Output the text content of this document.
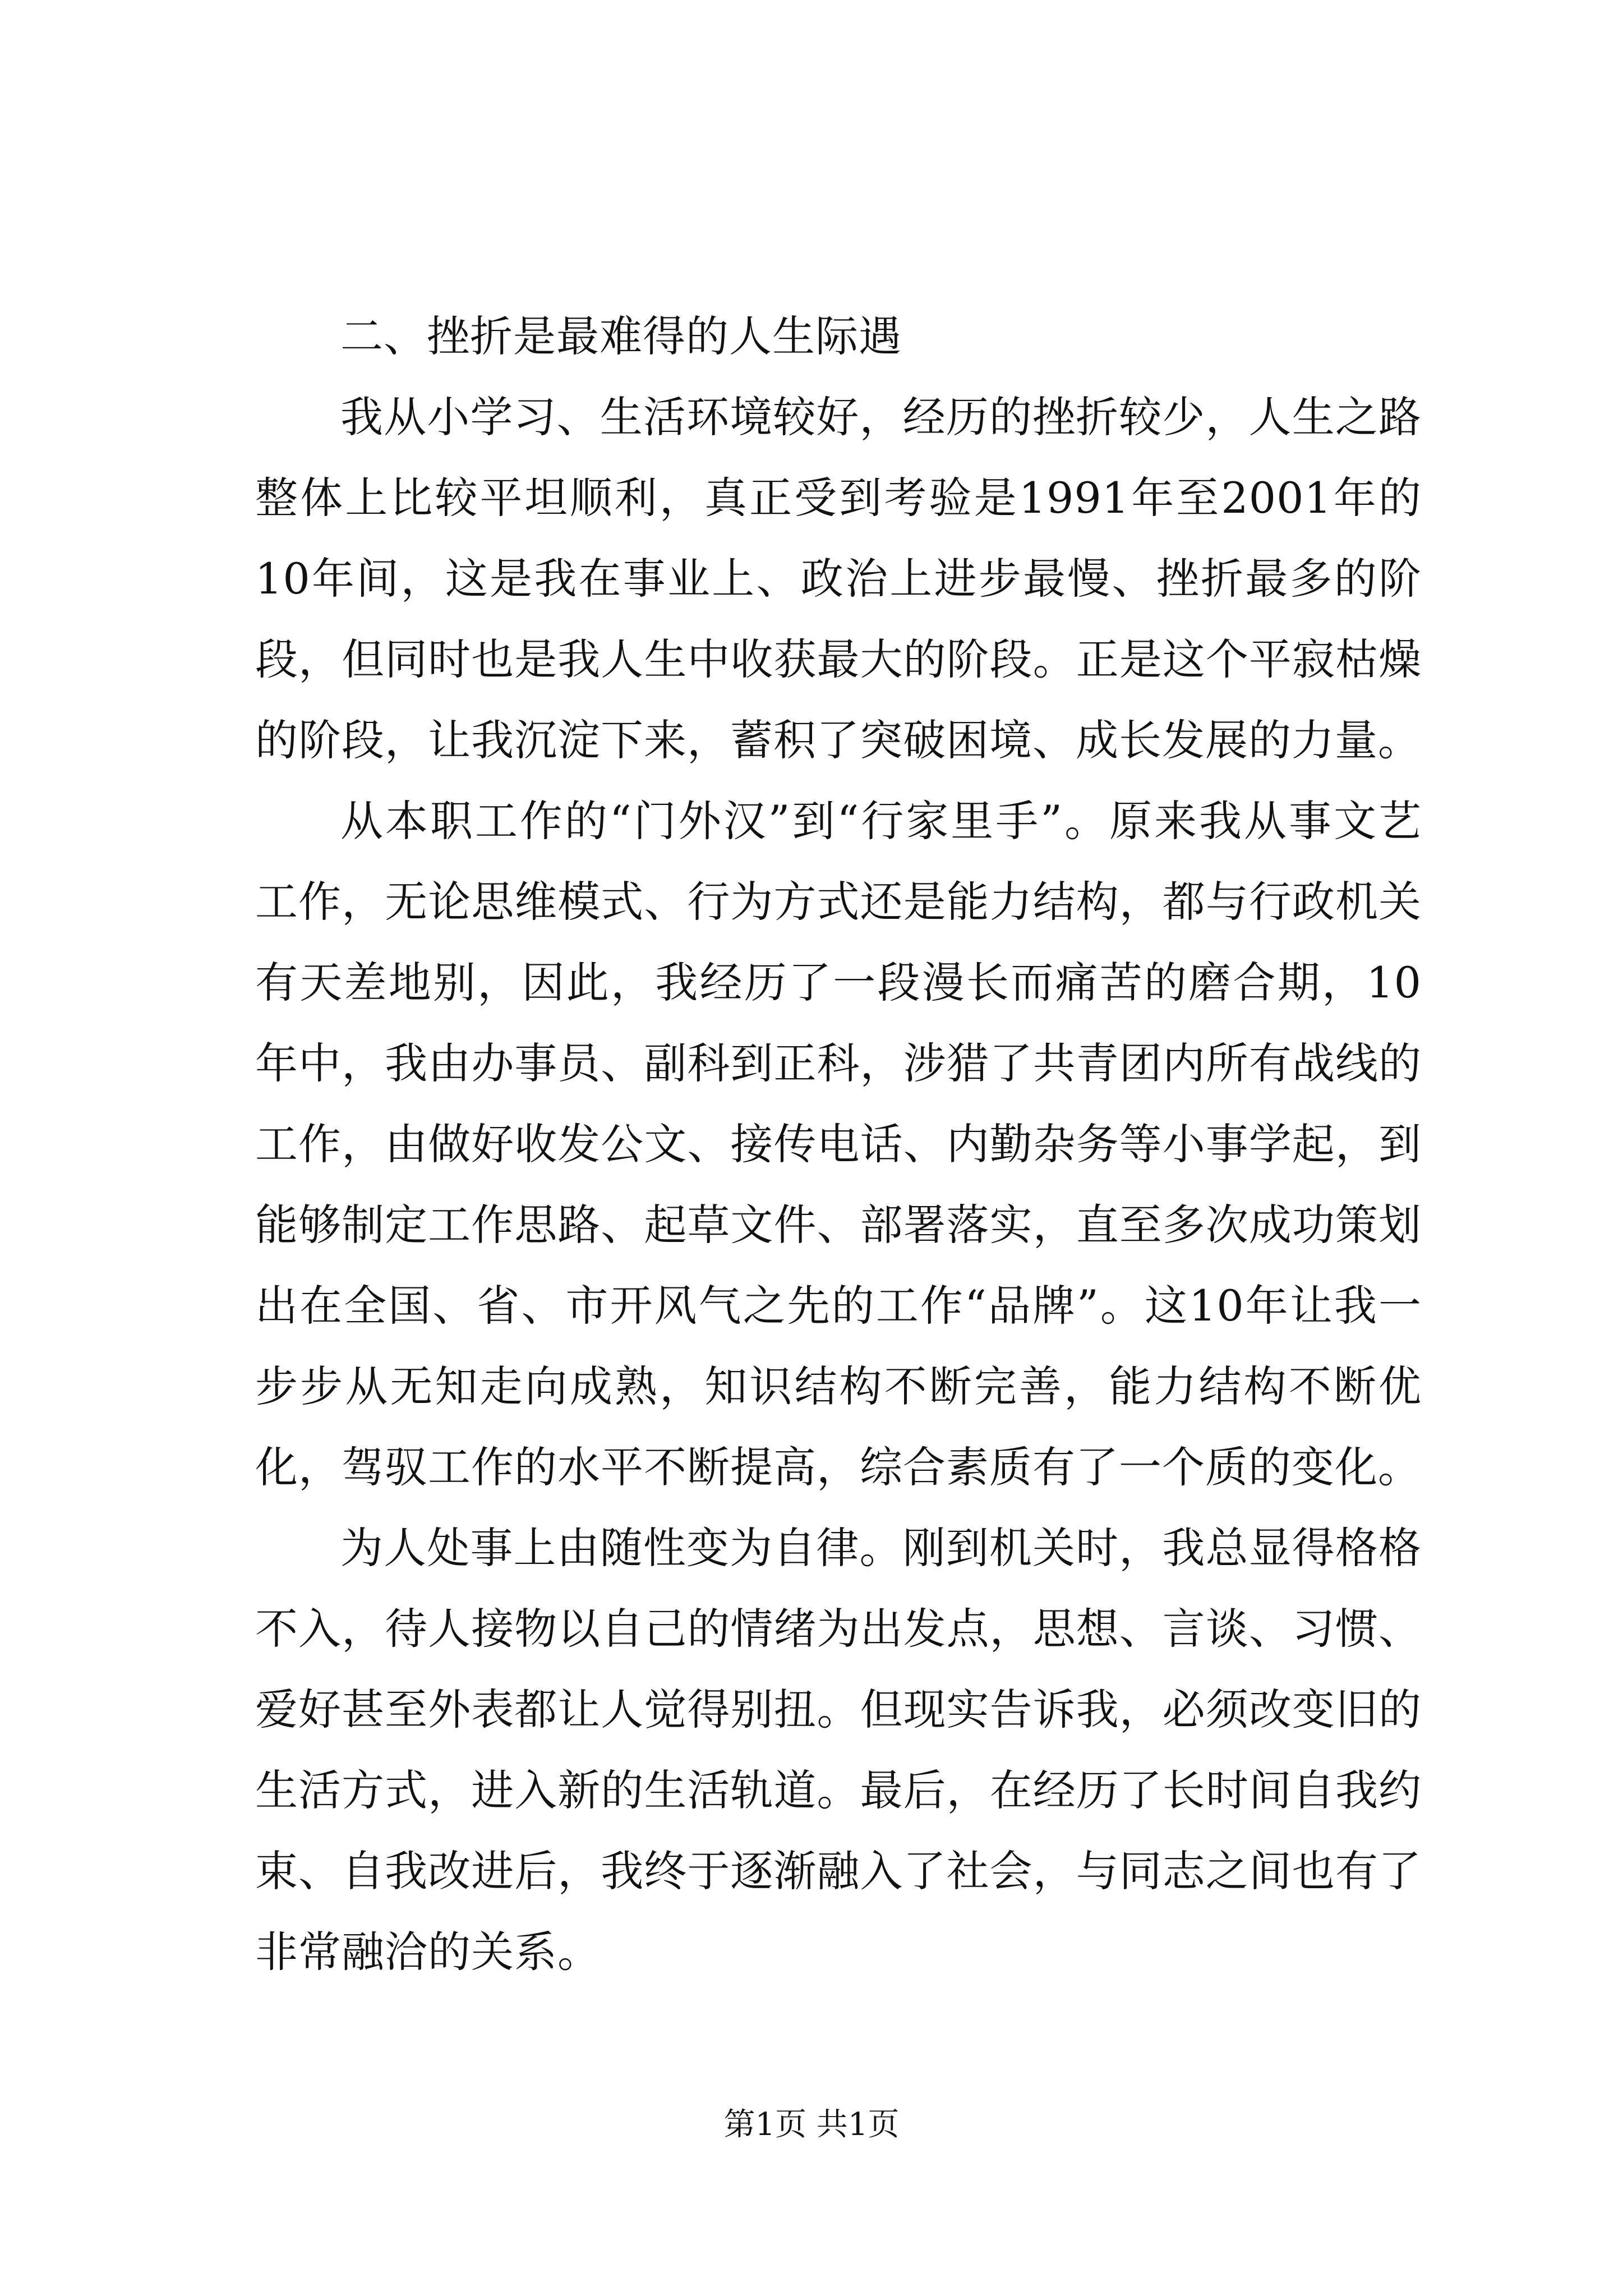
二、挫折是最难得的人生际遇

我从小学习、生活环境较好，经历的挫折较少，人生之路整体上比较平坦顺利，真正受到考验是1991年至2001年的10年间，这是我在事业上、政治上进步最慢、挫折最多的阶段，但同时也是我人生中收获最大的阶段。正是这个平寂枯燥的阶段，让我沉淀下来，蓄积了突破困境、成长发展的力量。

从本职工作的“门外汉”到“行家里手”。原来我从事文艺工作，无论思维模式、行为方式还是能力结构，都与行政机关有天差地别，因此，我经历了一段漫长而痛苦的磨合期，10年中，我由办事员、副科到正科，涉猎了共青团内所有战线的工作，由做好收发公文、接传电话、内勤杂务等小事学起，到能够制定工作思路、起草文件、部署落实，直至多次成功策划出在全国、省、市开风气之先的工作“品牌”。这10年让我一步步从无知走向成熟，知识结构不断完善，能力结构不断优化，驾驭工作的水平不断提高，综合素质有了一个质的变化。

为人处事上由随性变为自律。刚到机关时，我总显得格格不入，待人接物以自己的情绪为出发点，思想、言谈、习惯、爱好甚至外表都让人觉得别扭。但现实告诉我，必须改变旧的生活方式，进入新的生活轨道。最后，在经历了长时间自我约束、自我改进后，我终于逐渐融入了社会，与同志之间也有了非常融洽的关系。

第1页 共1页
